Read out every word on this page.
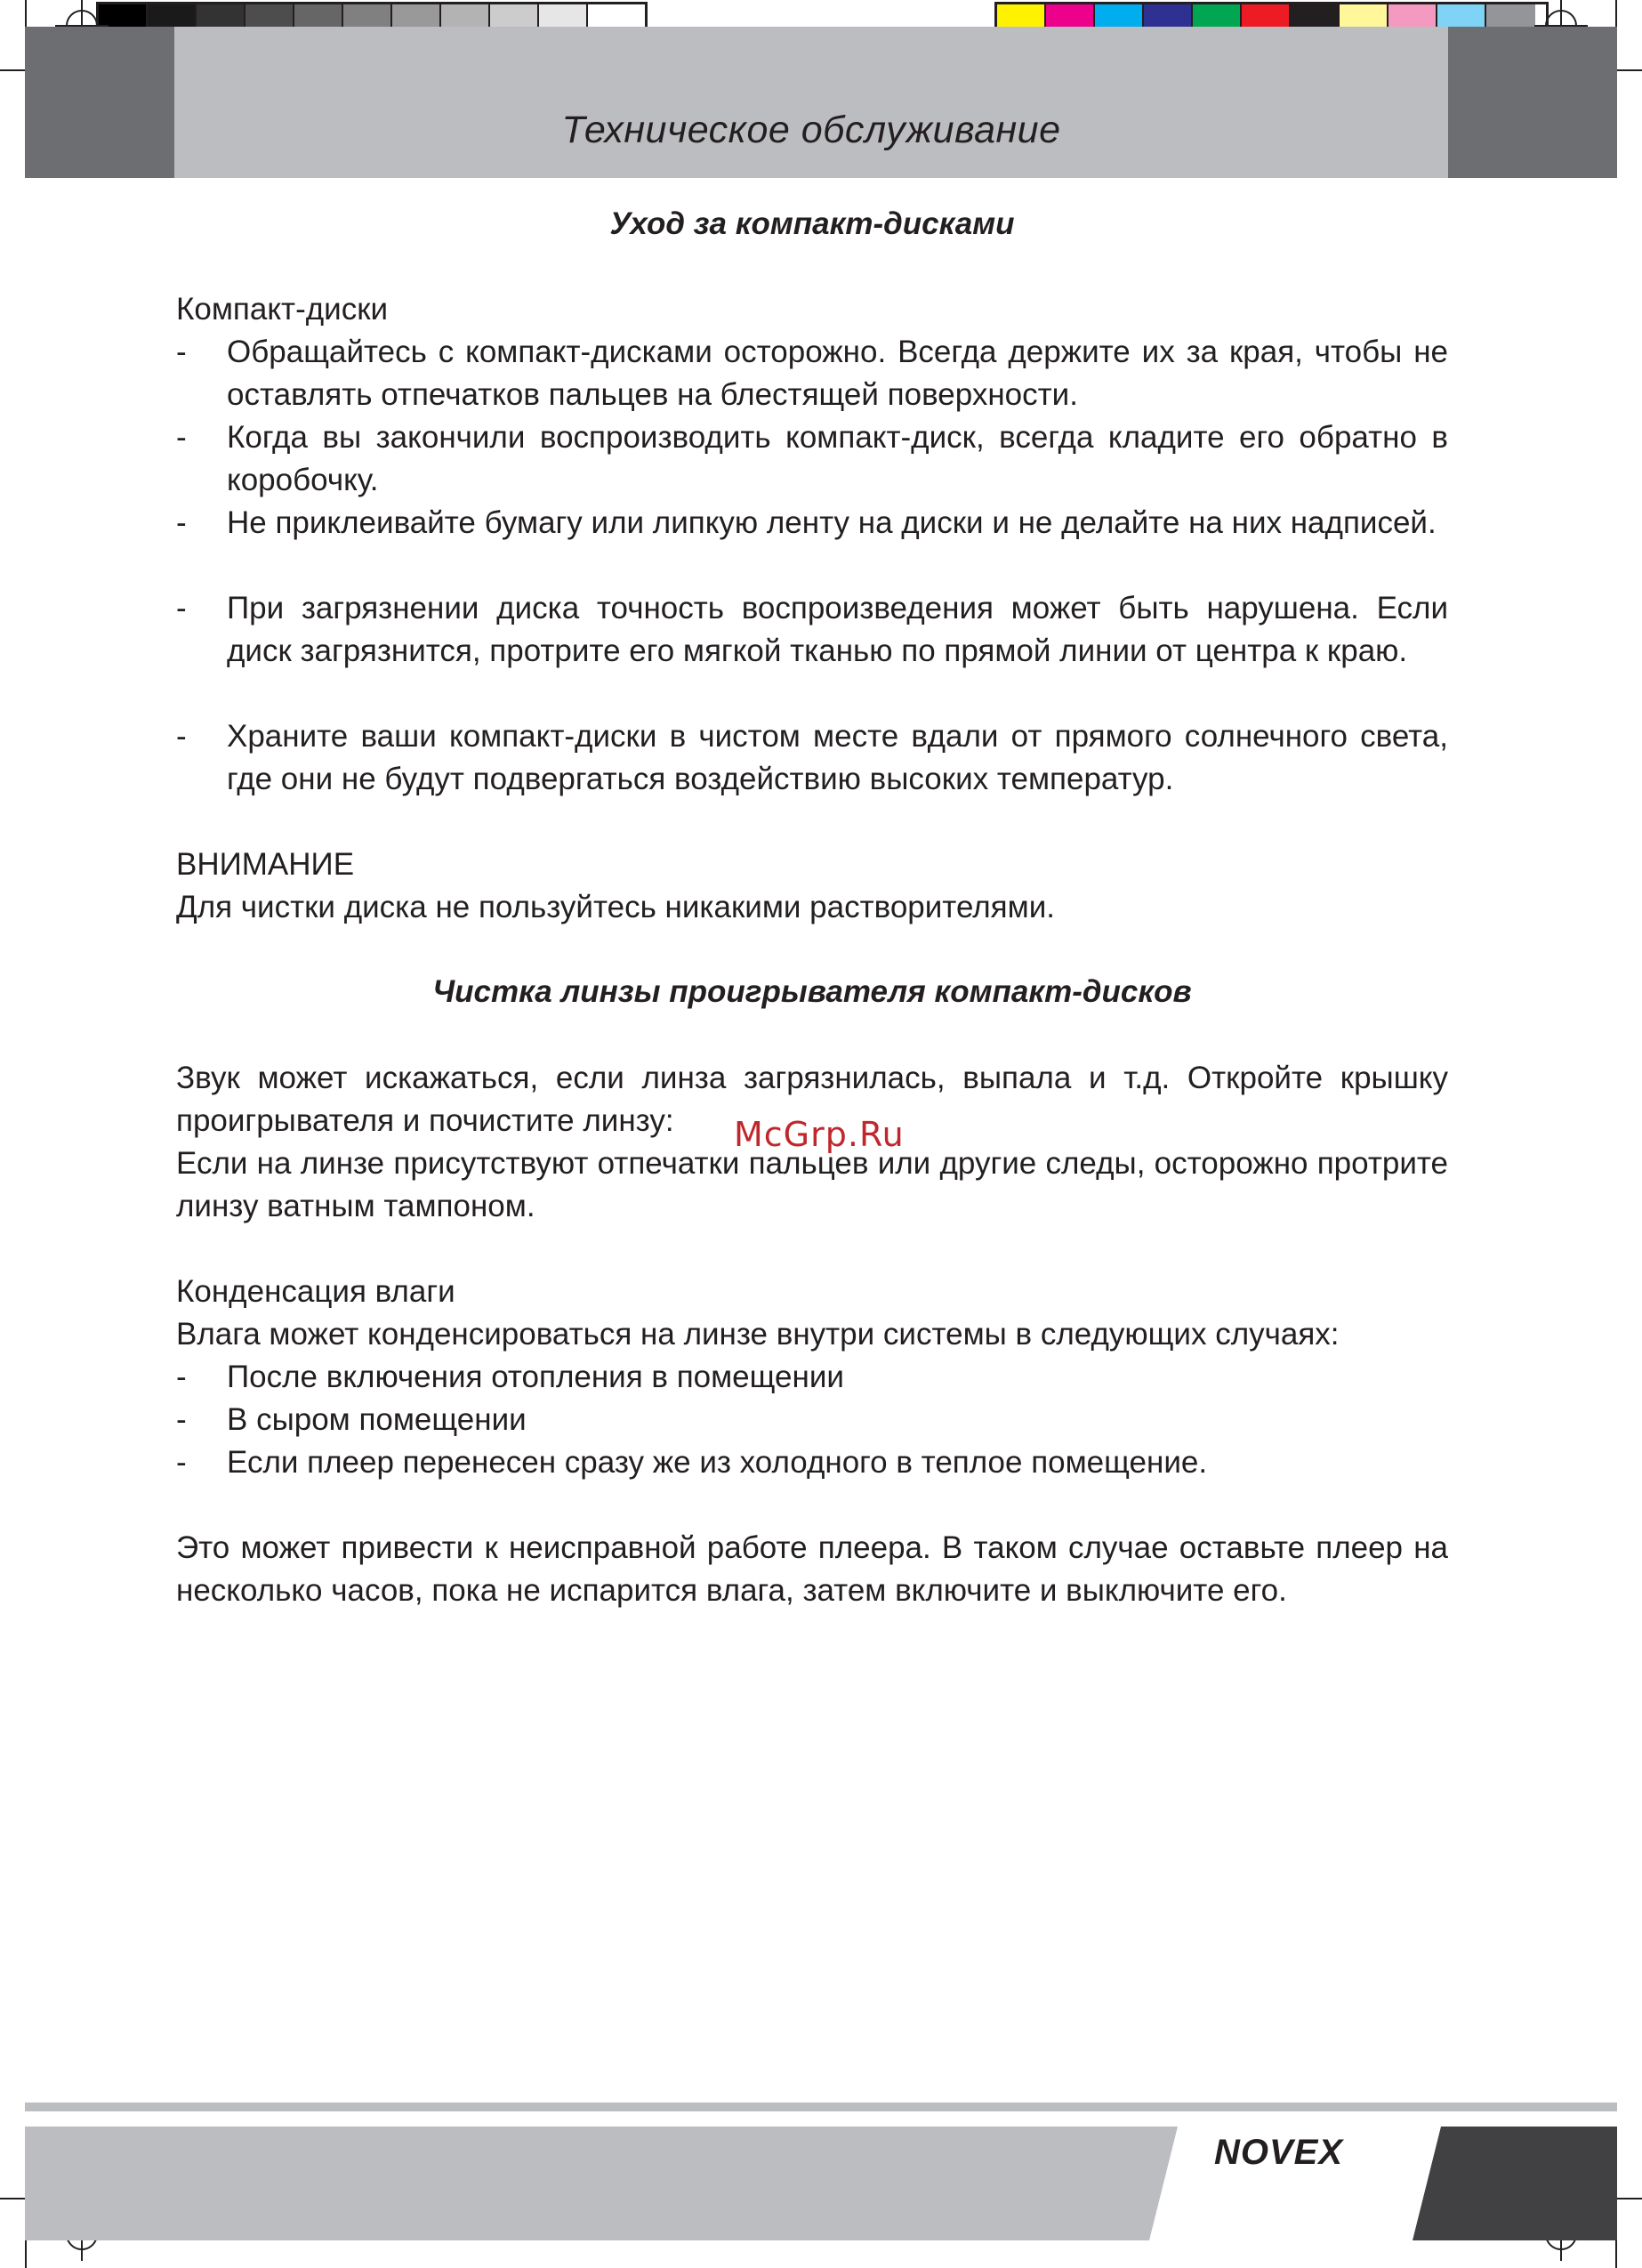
Техническое обслуживание
Уход за компакт-дисками
Компакт-диски
- Обращайтесь с компакт-дисками осторожно. Всегда держите их за края, чтобы не оставлять отпечатков пальцев на блестящей поверхности.
- Когда вы закончили воспроизводить компакт-диск, всегда кладите его обратно в коробочку.
- Не приклеивайте бумагу или липкую ленту на диски и не делайте на них надписей.
- При загрязнении диска точность воспроизведения может быть нарушена. Если диск загрязнится, протрите его мягкой тканью по прямой линии от центра к краю.
- Храните ваши компакт-диски в чистом месте вдали от прямого солнечного света, где они не будут подвергаться воздействию высоких температур.
ВНИМАНИЕ
Для чистки диска не пользуйтесь никакими растворителями.
Чистка линзы проигрывателя компакт-дисков
Звук может искажаться, если линза загрязнилась, выпала и т.д. Откройте крышку проигрывателя и почистите линзу:
Если на линзе присутствуют отпечатки пальцев или другие следы, осторожно протрите линзу ватным тампоном.
Конденсация влаги
Влага может конденсироваться на линзе внутри системы в следующих случаях:
- После включения отопления в помещении
- В сыром помещении
- Если плеер перенесен сразу же из холодного в теплое помещение.
Это может привести к неисправной работе плеера. В таком случае оставьте плеер на несколько часов, пока не испарится влага, затем включите и выключите его.
McGrp.Ru
NOVEX
